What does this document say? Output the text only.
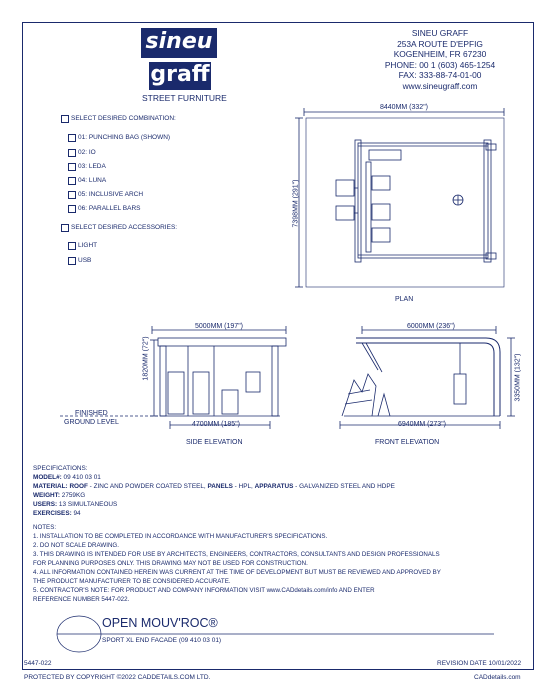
sineu
graff
STREET FURNITURE
SINEU GRAFF
253A ROUTE D'EPFIG
KOGENHEIM, FR 67230
PHONE: 00 1 (603) 465-1254
FAX: 333-88-74-01-00
www.sineugraff.com
SELECT DESIRED COMBINATION:
01: PUNCHING BAG (SHOWN)
02: IO
03: LEDA
04: LUNA
05: INCLUSIVE ARCH
06: PARALLEL BARS
SELECT DESIRED ACCESSORIES:
LIGHT
USB
8440MM (332")
7398MM (291")
PLAN
5000MM (197")
1820MM (72")
4700MM (185")
FINISHED
GROUND LEVEL
SIDE ELEVATION
6000MM (236")
3350MM (132")
6940MM (273")
FRONT ELEVATION
SPECIFICATIONS:
MODEL#: 09 410 03 01
MATERIAL: ROOF - ZINC AND POWDER COATED STEEL, PANELS - HPL, APPARATUS - GALVANIZED STEEL AND HDPE
WEIGHT: 2759KG
USERS: 13 SIMULTANEOUS
EXERCISES: 94
NOTES:
1. INSTALLATION TO BE COMPLETED IN ACCORDANCE WITH MANUFACTURER'S SPECIFICATIONS.
2. DO NOT SCALE DRAWING.
3. THIS DRAWING IS INTENDED FOR USE BY ARCHITECTS, ENGINEERS, CONTRACTORS, CONSULTANTS AND DESIGN PROFESSIONALS
FOR PLANNING PURPOSES ONLY. THIS DRAWING MAY NOT BE USED FOR CONSTRUCTION.
4. ALL INFORMATION CONTAINED HEREIN WAS CURRENT AT THE TIME OF DEVELOPMENT BUT MUST BE REVIEWED AND APPROVED BY
THE PRODUCT MANUFACTURER TO BE CONSIDERED ACCURATE.
5. CONTRACTOR'S NOTE: FOR PRODUCT AND COMPANY INFORMATION VISIT www.CADdetails.com/info AND ENTER
REFERENCE NUMBER 5447-022.
OPEN MOUV'ROC®
SPORT XL END FACADE (09 410 03 01)
5447-022	REVISION DATE 10/01/2022
PROTECTED BY COPYRIGHT ©2022 CADDETAILS.COM LTD.	CADdetails.com
